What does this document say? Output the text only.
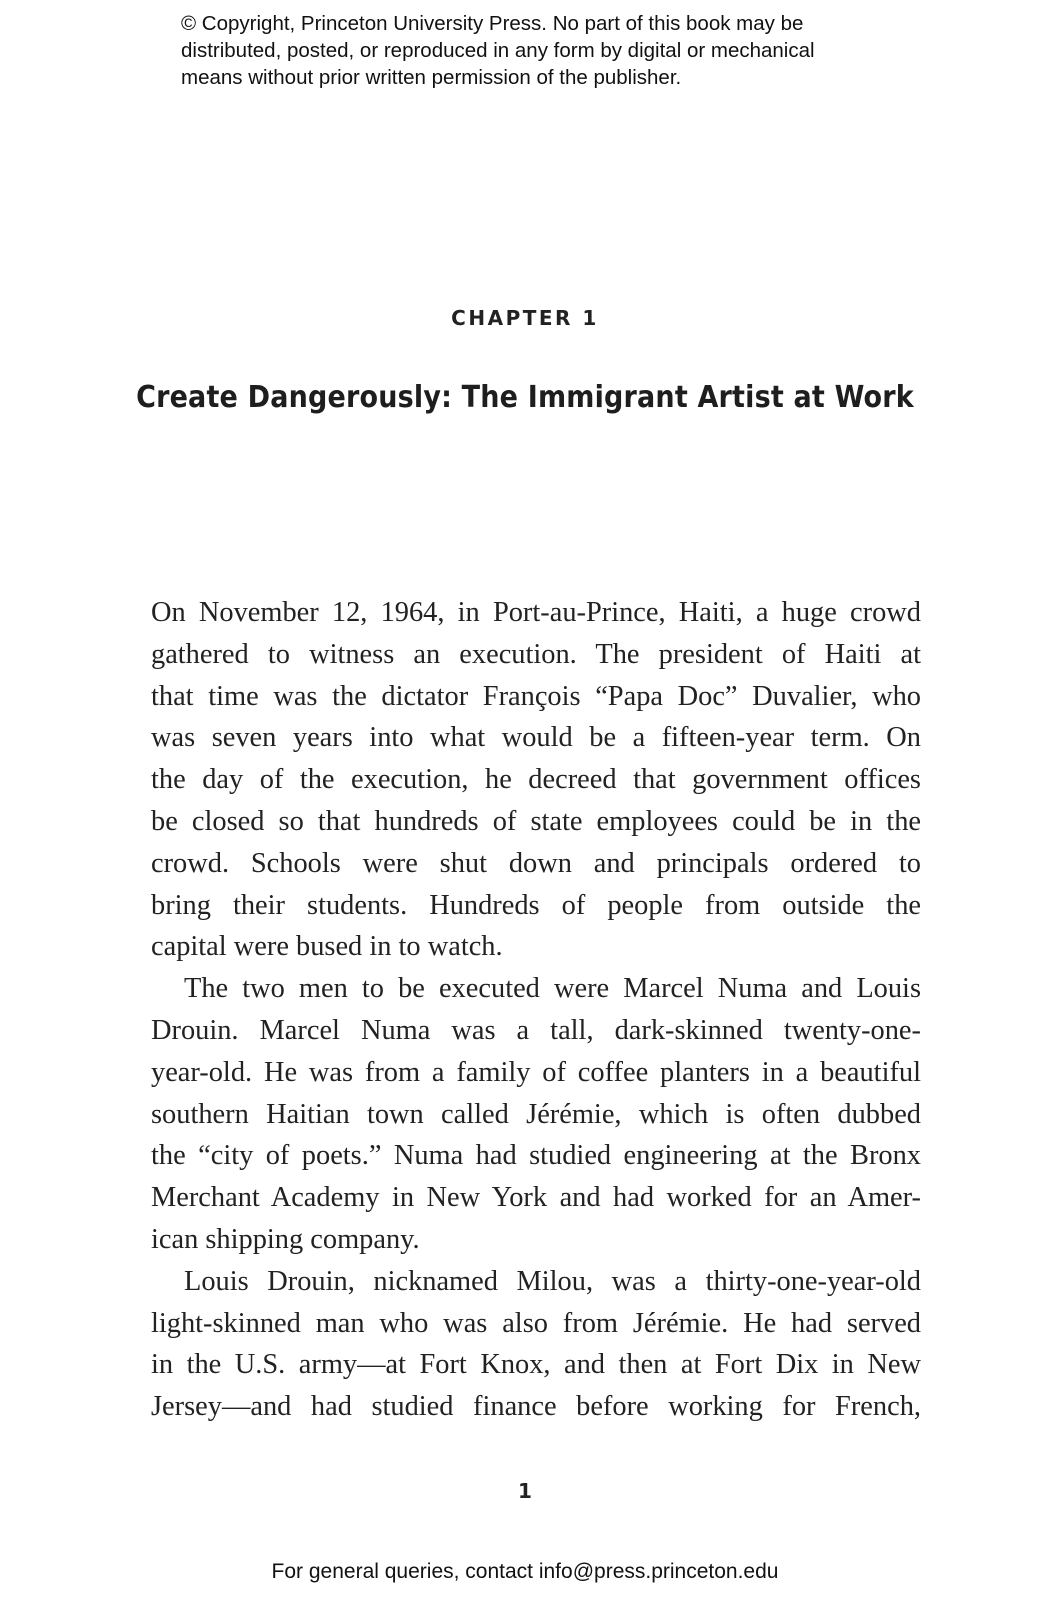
© Copyright, Princeton University Press. No part of this book may be
distributed, posted, or reproduced in any form by digital or mechanical
means without prior written permission of the publisher.
CHAPTER 1
Create Dangerously: The Immigrant Artist at Work

On November 12, 1964, in Port-au-Prince, Haiti, a huge crowd
gathered to witness an execution. The president of Haiti at
that time was the dictator François “Papa Doc” Duvalier, who
was seven years into what would be a fifteen-year term. On
the day of the execution, he decreed that government offices
be closed so that hundreds of state employees could be in the
crowd. Schools were shut down and principals ordered to
bring their students. Hundreds of people from outside the
capital were bused in to watch.

The two men to be executed were Marcel Numa and Louis
Drouin. Marcel Numa was a tall, dark-skinned twenty-one-
year-old. He was from a family of coffee planters in a beautiful
southern Haitian town called Jérémie, which is often dubbed
the “city of poets.” Numa had studied engineering at the Bronx
Merchant Academy in New York and had worked for an Amer-
ican shipping company.

Louis Drouin, nicknamed Milou, was a thirty-one-year-old
light-skinned man who was also from Jérémie. He had served
in the U.S. army—at Fort Knox, and then at Fort Dix in New
Jersey—and had studied finance before working for French,

1
For general queries, contact info@press.princeton.edu
